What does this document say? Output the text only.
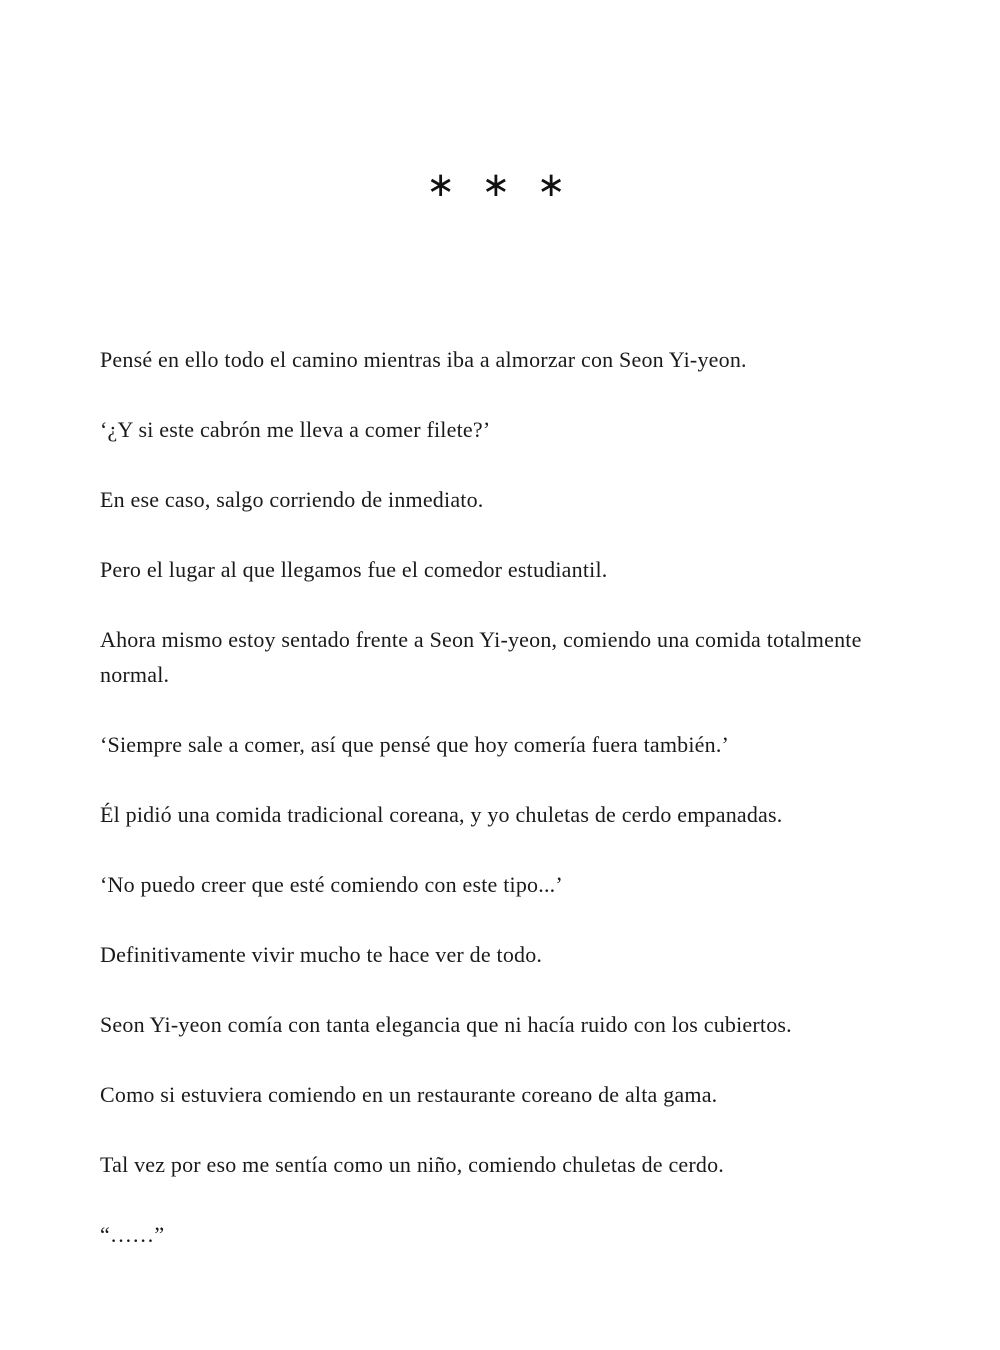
∗ ∗ ∗

Pensé en ello todo el camino mientras iba a almorzar con Seon Yi-yeon.

‘¿Y si este cabrón me lleva a comer filete?’

En ese caso, salgo corriendo de inmediato.

Pero el lugar al que llegamos fue el comedor estudiantil.

Ahora mismo estoy sentado frente a Seon Yi-yeon, comiendo una comida totalmente normal.

‘Siempre sale a comer, así que pensé que hoy comería fuera también.’

Él pidió una comida tradicional coreana, y yo chuletas de cerdo empanadas.

‘No puedo creer que esté comiendo con este tipo...’

Definitivamente vivir mucho te hace ver de todo.

Seon Yi-yeon comía con tanta elegancia que ni hacía ruido con los cubiertos.

Como si estuviera comiendo en un restaurante coreano de alta gama.

Tal vez por eso me sentía como un niño, comiendo chuletas de cerdo.

“……”
